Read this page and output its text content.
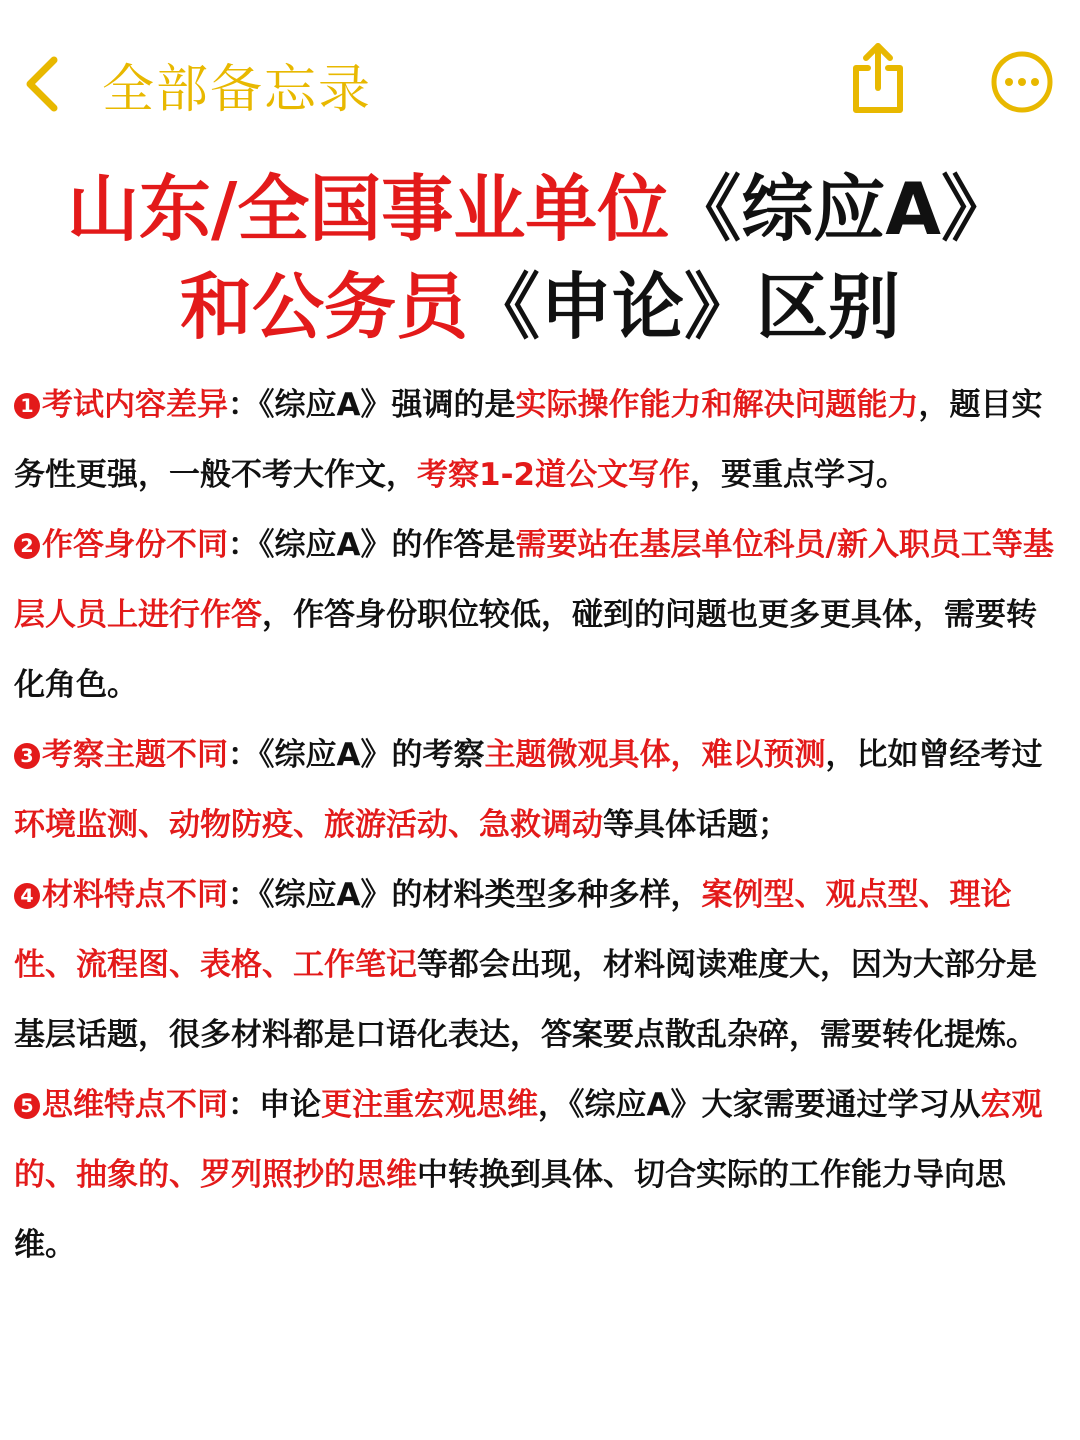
全部备忘录
山东/全国事业单位《综应A》
和公务员《申论》区别

1 考试内容差异：《综应A》强调的是实际操作能力和解决问题能力，题目实务性更强，一般不考大作文，考察1-2道公文写作，要重点学习。

2 作答身份不同：《综应A》的作答是需要站在基层单位科员/新入职员工等基层人员上进行作答，作答身份职位较低，碰到的问题也更多更具体，需要转化角色。

3 考察主题不同：《综应A》的考察主题微观具体，难以预测，比如曾经考过环境监测、动物防疫、旅游活动、急救调动等具体话题；

4 材料特点不同：《综应A》的材料类型多种多样，案例型、观点型、理论性、流程图、表格、工作笔记等都会出现，材料阅读难度大，因为大部分是基层话题，很多材料都是口语化表达，答案要点散乱杂碎，需要转化提炼。

5 思维特点不同：申论更注重宏观思维，《综应A》大家需要通过学习从宏观的、抽象的、罗列照抄的思维中转换到具体、切合实际的工作能力导向思维。
